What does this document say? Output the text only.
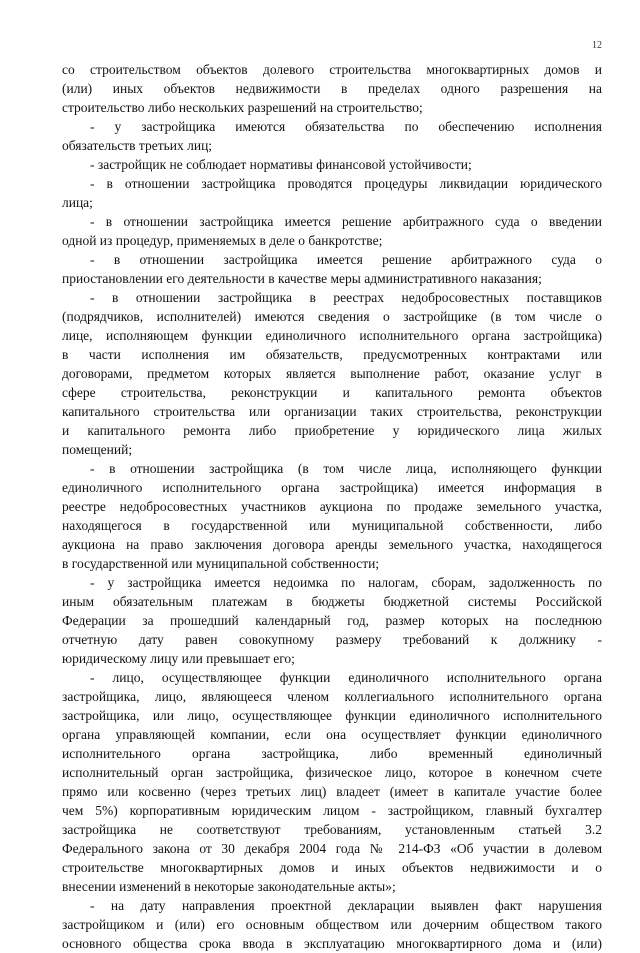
12

со строительством объектов долевого строительства многоквартирных домов и
(или) иных объектов недвижимости в пределах одного разрешения на
строительство либо нескольких разрешений на строительство;

- у застройщика имеются обязательства по обеспечению исполнения
обязательств третьих лиц;

- застройщик не соблюдает нормативы финансовой устойчивости;

- в отношении застройщика проводятся процедуры ликвидации юридического
лица;

- в отношении застройщика имеется решение арбитражного суда о введении
одной из процедур, применяемых в деле о банкротстве;

- в отношении застройщика имеется решение арбитражного суда о
приостановлении его деятельности в качестве меры административного наказания;

- в отношении застройщика в реестрах недобросовестных поставщиков
(подрядчиков, исполнителей) имеются сведения о застройщике (в том числе о
лице, исполняющем функции единоличного исполнительного органа застройщика)
в части исполнения им обязательств, предусмотренных контрактами или
договорами, предметом которых является выполнение работ, оказание услуг в
сфере строительства, реконструкции и капитального ремонта объектов
капитального строительства или организации таких строительства, реконструкции
и капитального ремонта либо приобретение у юридического лица жилых
помещений;

- в отношении застройщика (в том числе лица, исполняющего функции
единоличного исполнительного органа застройщика) имеется информация в
реестре недобросовестных участников аукциона по продаже земельного участка,
находящегося в государственной или муниципальной собственности, либо
аукциона на право заключения договора аренды земельного участка, находящегося
в государственной или муниципальной собственности;

- у застройщика имеется недоимка по налогам, сборам, задолженность по
иным обязательным платежам в бюджеты бюджетной системы Российской
Федерации за прошедший календарный год, размер которых на последнюю
отчетную дату равен совокупному размеру требований к должнику -
юридическому лицу или превышает его;

- лицо, осуществляющее функции единоличного исполнительного органа
застройщика, лицо, являющееся членом коллегиального исполнительного органа
застройщика, или лицо, осуществляющее функции единоличного исполнительного
органа управляющей компании, если она осуществляет функции единоличного
исполнительного органа застройщика, либо временный единоличный
исполнительный орган застройщика, физическое лицо, которое в конечном счете
прямо или косвенно (через третьих лиц) владеет (имеет в капитале участие более
чем 5%) корпоративным юридическим лицом - застройщиком, главный бухгалтер
застройщика не соответствуют требованиям, установленным статьей 3.2
Федерального закона от 30 декабря 2004 года № 214-ФЗ «Об участии в долевом
строительстве многоквартирных домов и иных объектов недвижимости и о
внесении изменений в некоторые законодательные акты»;

- на дату направления проектной декларации выявлен факт нарушения
застройщиком и (или) его основным обществом или дочерним обществом такого
основного общества срока ввода в эксплуатацию многоквартирного дома и (или)
